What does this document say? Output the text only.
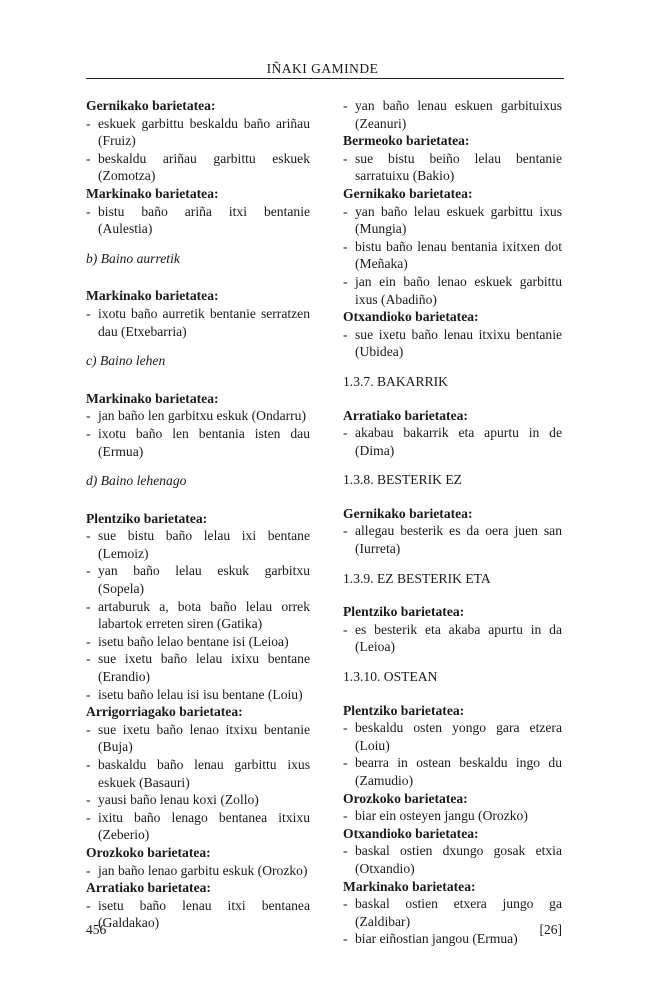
IÑAKI GAMINDE
Gernikako barietatea:
- eskuek garbittu beskaldu baño ariñau (Fruiz)
- beskaldu ariñau garbittu eskuek (Zomotza)
Markinako barietatea:
- bistu baño ariña itxi bentanie (Aulestia)
b) Baino aurretik
Markinako barietatea:
- ixotu baño aurretik bentanie serratzen dau (Etxebarria)
c) Baino lehen
Markinako barietatea:
- jan baño len garbitxu eskuk (Ondarru)
- ixotu baño len bentania isten dau (Ermua)
d) Baino lehenago
Plentziko barietatea:
- sue bistu baño lelau ixi bentane (Lemoiz)
- yan baño lelau eskuk garbitxu (Sopela)
- artaburuk a, bota baño lelau orrek labartok erreten siren (Gatika)
- isetu baño lelao bentane isi (Leioa)
- sue ixetu baño lelau ixixu bentane (Erandio)
- isetu baño lelau isi isu bentane (Loiu)
Arrigorriagako barietatea:
- sue ixetu baño lenao itxixu bentanie (Buja)
- baskaldu baño lenau garbittu ixus eskuek (Basauri)
- yausi baño lenau koxi (Zollo)
- ixitu baño lenago bentanea itxixu (Zeberio)
Orozkoko barietatea:
- jan baño lenao garbitu eskuk (Orozko)
Arratiako barietatea:
- isetu baño lenau itxi bentanea (Galdakao)
- yan baño lenau eskuen garbituixus (Zeanuri)
Bermeoko barietatea:
- sue bistu beiño lelau bentanie sarratuixu (Bakio)
Gernikako barietatea:
- yan baño lelau eskuek garbittu ixus (Mungia)
- bistu baño lenau bentania ixitxen dot (Meñaka)
- jan ein baño lenao eskuek garbittu ixus (Abadiño)
Otxandioko barietatea:
- sue ixetu baño lenau itxixu bentanie (Ubidea)
1.3.7. BAKARRIK
Arratiako barietatea:
- akabau bakarrik eta apurtu in de (Dima)
1.3.8. BESTERIK EZ
Gernikako barietatea:
- allegau besterik es da oera juen san (Iurreta)
1.3.9. EZ BESTERIK ETA
Plentziko barietatea:
- es besterik eta akaba apurtu in da (Leioa)
1.3.10. OSTEAN
Plentziko barietatea:
- beskaldu osten yongo gara etzera (Loiu)
- bearra in ostean beskaldu ingo du (Zamudio)
Orozkoko barietatea:
- biar ein osteyen jangu (Orozko)
Otxandioko barietatea:
- baskal ostien dxungo gosak etxia (Otxandio)
Markinako barietatea:
- baskal ostien etxera jungo ga (Zaldibar)
- biar eiñostian jangou (Ermua)
456	[26]
